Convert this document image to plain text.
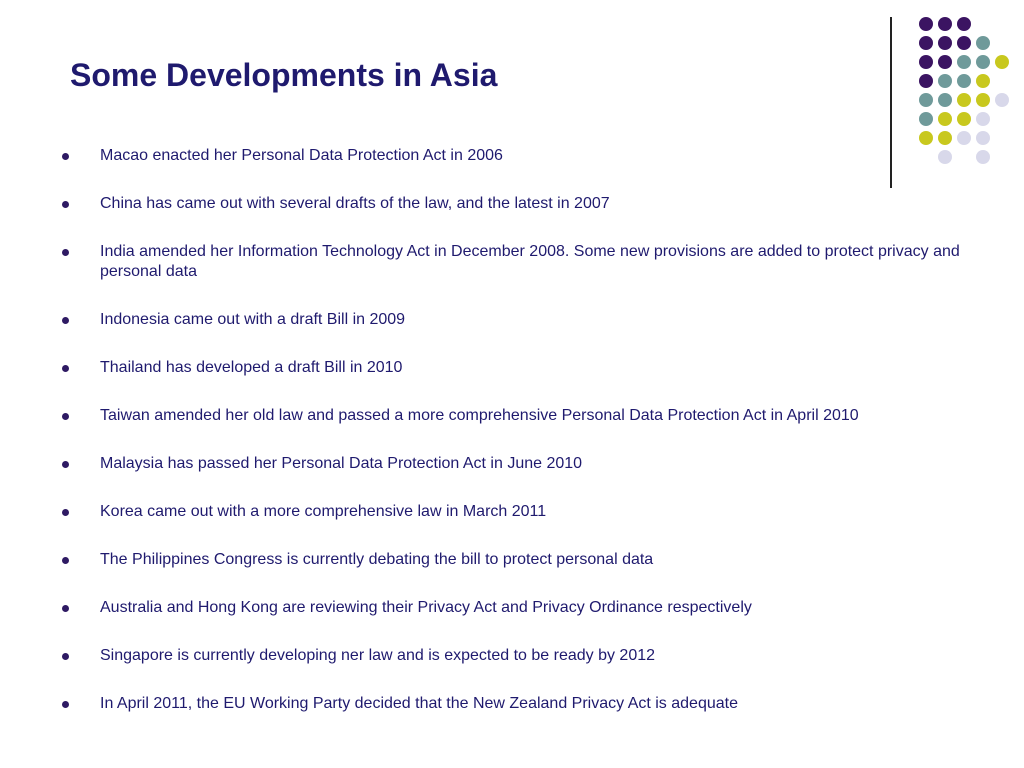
Some Developments in Asia
Macao enacted her Personal Data Protection Act in 2006
China has came out with several drafts of the law, and the latest in 2007
India amended her Information Technology Act in December 2008. Some new provisions are added to protect privacy and personal data
Indonesia came out with a draft Bill in 2009
Thailand has developed a draft Bill in 2010
Taiwan amended her old law and passed a more comprehensive Personal Data Protection Act in April 2010
Malaysia has passed her Personal Data Protection Act in June 2010
Korea came out with a more comprehensive law in March 2011
The Philippines Congress is currently debating the bill to protect personal data
Australia and Hong Kong are reviewing their Privacy Act and Privacy Ordinance respectively
Singapore is currently developing ner law and is expected to be ready by 2012
In April 2011, the EU Working Party decided that the New Zealand Privacy Act is adequate
